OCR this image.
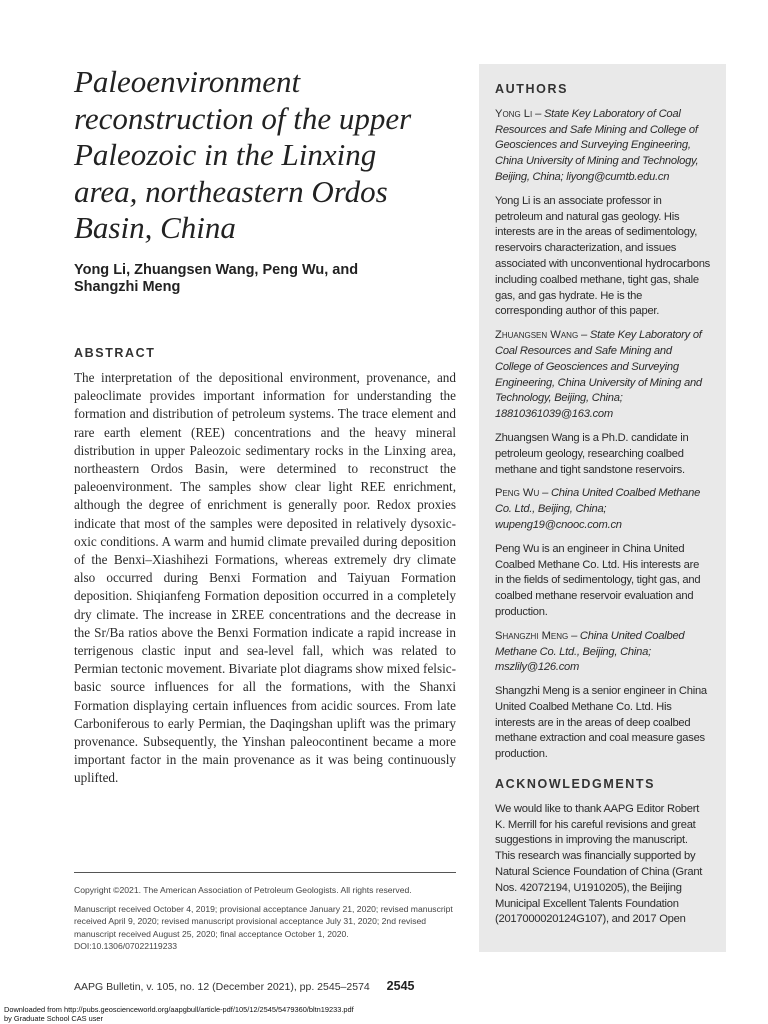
Paleoenvironment reconstruction of the upper Paleozoic in the Linxing area, northeastern Ordos Basin, China
Yong Li, Zhuangsen Wang, Peng Wu, and Shangzhi Meng
ABSTRACT

The interpretation of the depositional environment, provenance, and paleoclimate provides important information for understanding the formation and distribution of petroleum systems. The trace element and rare earth element (REE) concentrations and the heavy mineral distribution in upper Paleozoic sedimentary rocks in the Linxing area, northeastern Ordos Basin, were determined to reconstruct the paleoenvironment. The samples show clear light REE enrichment, although the degree of enrichment is generally poor. Redox proxies indicate that most of the samples were deposited in relatively dysoxic-oxic conditions. A warm and humid climate prevailed during deposition of the Benxi–Xiashihezi Formations, whereas extremely dry climate also occurred during Benxi Formation and Taiyuan Formation deposition. Shiqianfeng Formation deposition occurred in a completely dry climate. The increase in ΣREE concentrations and the decrease in the Sr/Ba ratios above the Benxi Formation indicate a rapid increase in terrigenous clastic input and sea-level fall, which was related to Permian tectonic movement. Bivariate plot diagrams show mixed felsic-basic source influences for all the formations, with the Shanxi Formation displaying certain influences from acidic sources. From late Carboniferous to early Permian, the Daqingshan uplift was the primary provenance. Subsequently, the Yinshan paleocontinent became a more important factor in the main provenance as it was being continuously uplifted.

Copyright ©2021. The American Association of Petroleum Geologists. All rights reserved.

Manuscript received October 4, 2019; provisional acceptance January 21, 2020; revised manuscript received April 9, 2020; revised manuscript provisional acceptance July 31, 2020; 2nd revised manuscript received August 25, 2020; final acceptance October 1, 2020.

DOI:10.1306/07022119233

AAPG Bulletin, v. 105, no. 12 (December 2021), pp. 2545–2574 2545
Downloaded from http://pubs.geoscienceworld.org/aapgbull/article-pdf/105/12/2545/5479360/bltn19233.pdf
by Graduate School CAS user
AUTHORS

Yong Li – State Key Laboratory of Coal Resources and Safe Mining and College of Geosciences and Surveying Engineering, China University of Mining and Technology, Beijing, China; liyong@cumtb.edu.cn

Yong Li is an associate professor in petroleum and natural gas geology. His interests are in the areas of sedimentology, reservoirs characterization, and issues associated with unconventional hydrocarbons including coalbed methane, tight gas, shale gas, and gas hydrate. He is the corresponding author of this paper.

Zhuangsen Wang – State Key Laboratory of Coal Resources and Safe Mining and College of Geosciences and Surveying Engineering, China University of Mining and Technology, Beijing, China; 18810361039@163.com

Zhuangsen Wang is a Ph.D. candidate in petroleum geology, researching coalbed methane and tight sandstone reservoirs.

Peng Wu – China United Coalbed Methane Co. Ltd., Beijing, China; wupeng19@cnooc.com.cn

Peng Wu is an engineer in China United Coalbed Methane Co. Ltd. His interests are in the fields of sedimentology, tight gas, and coalbed methane reservoir evaluation and production.

Shangzhi Meng – China United Coalbed Methane Co. Ltd., Beijing, China; mszlily@126.com

Shangzhi Meng is a senior engineer in China United Coalbed Methane Co. Ltd. His interests are in the areas of deep coalbed methane extraction and coal measure gases production.

ACKNOWLEDGMENTS

We would like to thank AAPG Editor Robert K. Merrill for his careful revisions and great suggestions in improving the manuscript. This research was financially supported by Natural Science Foundation of China (Grant Nos. 42072194, U1910205), the Beijing Municipal Excellent Talents Foundation (2017000020124G107), and 2017 Open
